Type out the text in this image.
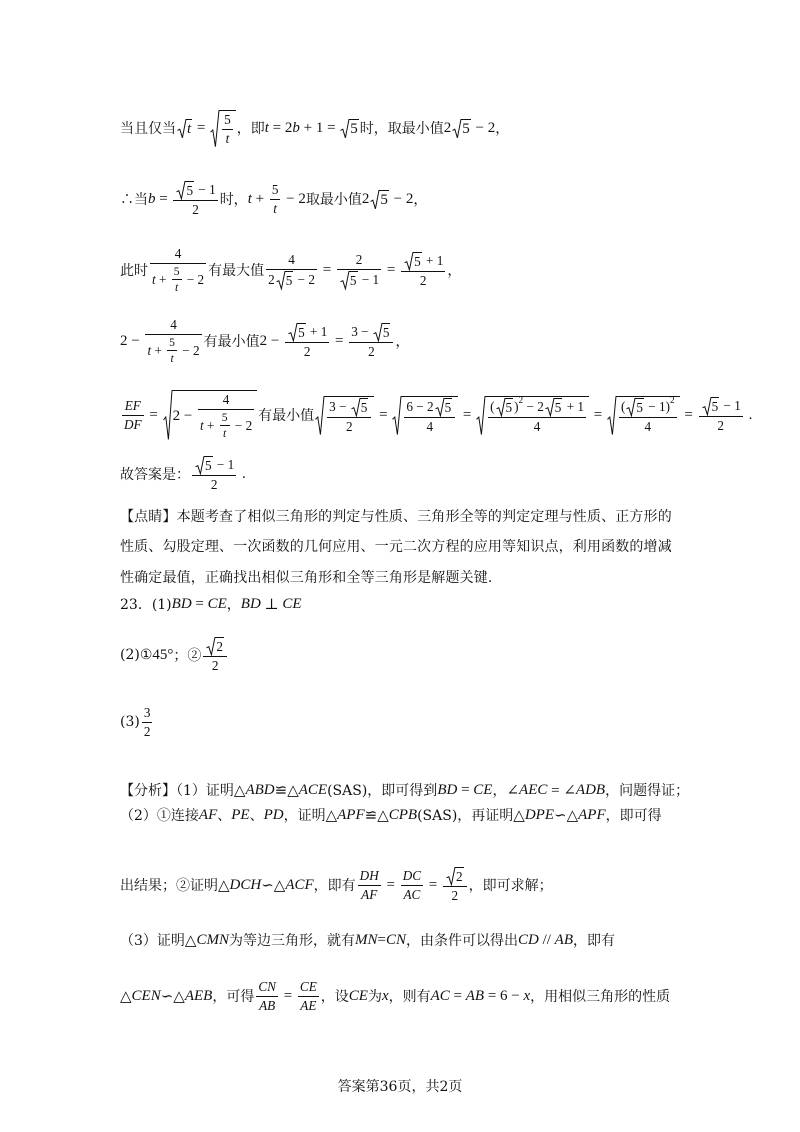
当且仅当 $t = \frac{5}{t}$ ，即 t = 2 b + 1 = 5 时，取最小值 2 5 − 2 ，
∴当 $b = \frac{5 - 1}{2}$ 时， $t + \frac{5}{t} - 2$ 取最小值 2 5 − 2 ，
此时 $\frac{4}{t + \frac{5}{t} - 2}$ 有最大值 $\frac{4}{2 5 - 2} = \frac{2}{5 - 1} = \frac{5 + 1}{2}$ ，
$2 - \frac{4}{t + \frac{5}{t} - 2}$ 有最小值 $2 - \frac{5 + 1}{2} = \frac{3 - 5}{2}$ ，
$\frac{EF}{DF} = 2 - \frac{4}{t + \frac{5}{t} - 2}$ 有最小值 $\frac{3 - 5}{2} = \frac{6 - 2 5}{4} = \frac{( 5 ) 2 - 2 5 + 1}{4} = \frac{( 5 - 1) 2}{4} = \frac{5 - 1}{2}$ .
故答案是： $\frac{5 - 1}{2}$ .
【点睛】本题考查了相似三角形的判定与性质、三角形全等的判定定理与性质、正方形的
性质、勾股定理、一次函数的几何应用、一元二次方程的应用等知识点，利用函数的增减
性确定最值，正确找出相似三角形和全等三角形是解题关键.
23．(1) BD = CE ， BD ⊥ CE
(2)① 45° ；② $\frac{2}{2}$
$(3) \frac{3}{2}$
【分析】（1）证明 △ ABD ≌△ ACE (SAS)，即可得到 BD = CE ， ∠ AEC = ∠ ADB ，问题得证；
（2）①连接 AF 、 PE 、 PD ，证明 △ APF ≌△ CPB (SAS)，再证明 △ DPE ∽△ APF ，即可得
出结果；②证明 △ DCH ∽△ ACF ，即有 $\frac{DH}{AF} = \frac{DC}{AC} = \frac{2}{2}$ ，即可求解；
（3）证明 △ CMN 为等边三角形，就有 MN = CN ，由条件可以得出 CD // AB ，即有
△ CEN ∽△ AEB ，可得 $\frac{CN}{AB} = \frac{CE}{AE}$ ，设 CE 为 x ，则有 AC = AB = 6 − x ，用相似三角形的性质
答案第36页，共2页
